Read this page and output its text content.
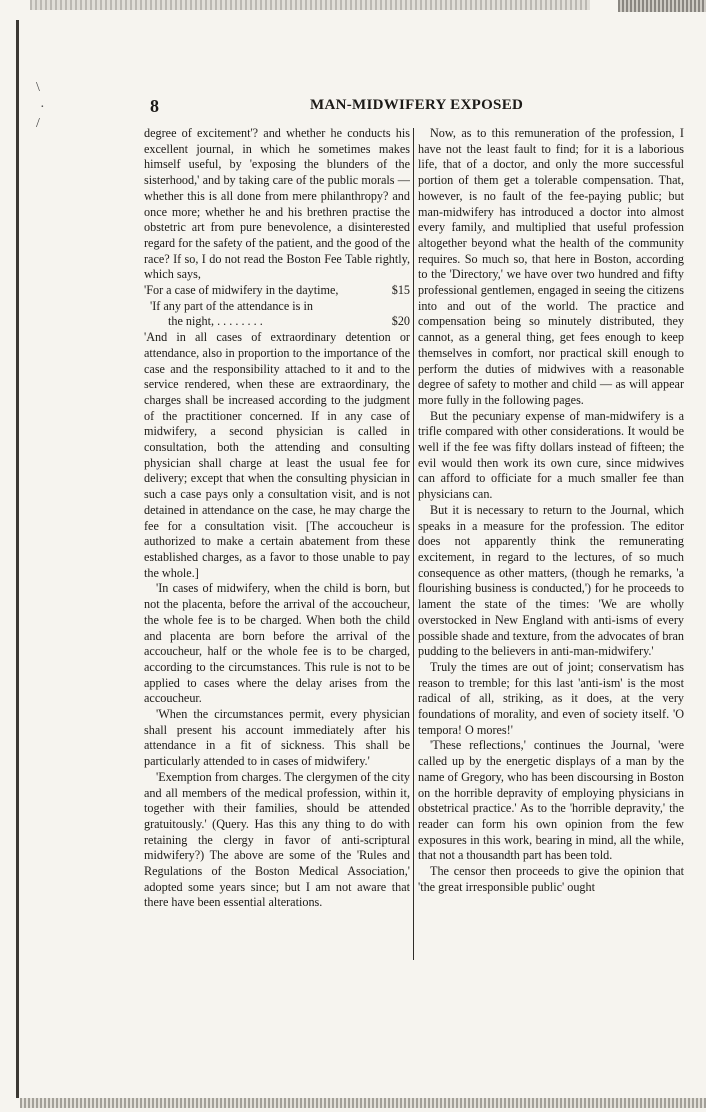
\
/
·	8	MAN-MIDWIFERY EXPOSED

degree of excitement'? and whether he conducts his excellent journal, in which he sometimes makes himself useful, by 'exposing the blunders of the sisterhood,' and by taking care of the public morals — whether this is all done from mere philanthropy? and once more; whether he and his brethren practise the obstetric art from pure benevolence, a disinterested regard for the safety of the patient, and the good of the race? If so, I do not read the Boston Fee Table rightly, which says,

'For a case of midwifery in the daytime,	$15
'If any part of the attendance is in
the night, . . . . . . . .	$20

'And in all cases of extraordinary detention or attendance, also in proportion to the importance of the case and the responsibility attached to it and to the service rendered, when these are extraordinary, the charges shall be increased according to the judgment of the practitioner concerned. If in any case of midwifery, a second physician is called in consultation, both the attending and consulting physician shall charge at least the usual fee for delivery; except that when the consulting physician in such a case pays only a consultation visit, and is not detained in attendance on the case, he may charge the fee for a consultation visit. [The accoucheur is authorized to make a certain abatement from these established charges, as a favor to those unable to pay the whole.]

'In cases of midwifery, when the child is born, but not the placenta, before the arrival of the accoucheur, the whole fee is to be charged. When both the child and placenta are born before the arrival of the accoucheur, half or the whole fee is to be charged, according to the circumstances. This rule is not to be applied to cases where the delay arises from the accoucheur.

'When the circumstances permit, every physician shall present his account immediately after his attendance in a fit of sickness. This shall be particularly attended to in cases of midwifery.'

'Exemption from charges. The clergymen of the city and all members of the medical profession, within it, together with their families, should be attended gratuitously.' (Query. Has this any thing to do with retaining the clergy in favor of anti-scriptural midwifery?) The above are some of the 'Rules and Regulations of the Boston Medical Association,' adopted some years since; but I am not aware that there have been essential alterations.

Now, as to this remuneration of the profession, I have not the least fault to find; for it is a laborious life, that of a doctor, and only the more successful portion of them get a tolerable compensation. That, however, is no fault of the fee-paying public; but man-midwifery has introduced a doctor into almost every family, and multiplied that useful profession altogether beyond what the health of the community requires. So much so, that here in Boston, according to the 'Directory,' we have over two hundred and fifty professional gentlemen, engaged in seeing the citizens into and out of the world. The practice and compensation being so minutely distributed, they cannot, as a general thing, get fees enough to keep themselves in comfort, nor practical skill enough to perform the duties of midwives with a reasonable degree of safety to mother and child — as will appear more fully in the following pages.

But the pecuniary expense of man-midwifery is a trifle compared with other considerations. It would be well if the fee was fifty dollars instead of fifteen; the evil would then work its own cure, since midwives can afford to officiate for a much smaller fee than physicians can.

But it is necessary to return to the Journal, which speaks in a measure for the profession. The editor does not apparently think the remunerating excitement, in regard to the lectures, of so much consequence as other matters, (though he remarks, 'a flourishing business is conducted,') for he proceeds to lament the state of the times: 'We are wholly overstocked in New England with anti-isms of every possible shade and texture, from the advocates of bran pudding to the believers in anti-man-midwifery.'

Truly the times are out of joint; conservatism has reason to tremble; for this last 'anti-ism' is the most radical of all, striking, as it does, at the very foundations of morality, and even of society itself. 'O tempora! O mores!'

'These reflections,' continues the Journal, 'were called up by the energetic displays of a man by the name of Gregory, who has been discoursing in Boston on the horrible depravity of employing physicians in obstetrical practice.' As to the 'horrible depravity,' the reader can form his own opinion from the few exposures in this work, bearing in mind, all the while, that not a thousandth part has been told.

The censor then proceeds to give the opinion that 'the great irresponsible public' ought
